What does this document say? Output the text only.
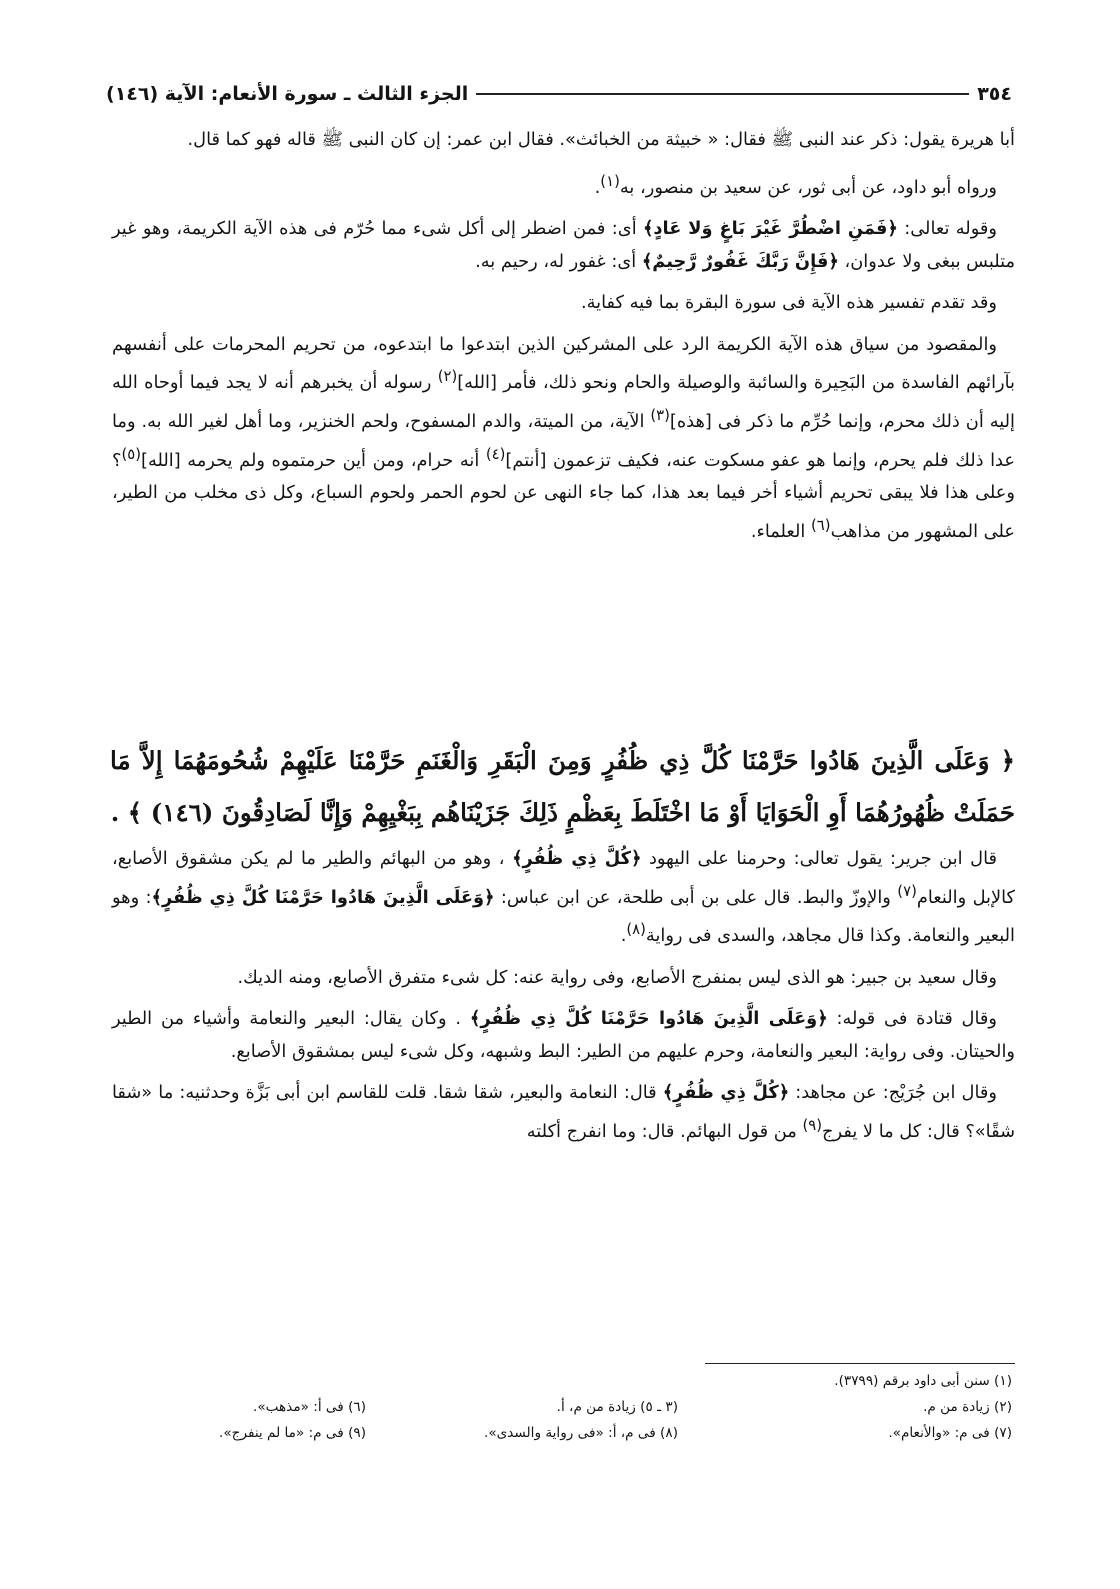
٣٥٤
الجزء الثالث ـ سورة الأنعام: الآية (١٤٦)

أبا هريرة يقول: ذكر عند النبى ﷺ فقال: « خبيثة من الخبائث». فقال ابن عمر: إن كان النبى ﷺ قاله فهو كما قال.

ورواه أبو داود، عن أبى ثور، عن سعيد بن منصور، به$^{(١)}$.

وقوله تعالى: ﴿فَمَنِ اضْطُرَّ غَيْرَ بَاغٍ وَلا عَادٍ﴾ أى: فمن اضطر إلى أكل شىء مما حُرّم فى هذه الآية الكريمة، وهو غير متلبس ببغى ولا عدوان، ﴿فَإِنَّ رَبَّكَ غَفُورٌ رَّحِيمٌ﴾ أى: غفور له، رحيم به.

وقد تقدم تفسير هذه الآية فى سورة البقرة بما فيه كفاية.

والمقصود من سياق هذه الآية الكريمة الرد على المشركين الذين ابتدعوا ما ابتدعوه، من تحريم المحرمات على أنفسهم بآرائهم الفاسدة من البَحِيرة والسائبة والوصيلة والحام ونحو ذلك، فأمر [الله]$^{(٢)}$ رسوله أن يخبرهم أنه لا يجد فيما أوحاه الله إليه أن ذلك محرم، وإنما حُرِّم ما ذكر فى [هذه]$^{(٣)}$ الآية، من الميتة، والدم المسفوح، ولحم الخنزير، وما أهل لغير الله به. وما عدا ذلك فلم يحرم، وإنما هو عفو مسكوت عنه، فكيف تزعمون [أنتم]$^{(٤)}$ أنه حرام، ومن أين حرمتموه ولم يحرمه [الله]$^{(٥)}$؟ وعلى هذا فلا يبقى تحريم أشياء أخر فيما بعد هذا، كما جاء النهى عن لحوم الحمر ولحوم السباع، وكل ذى مخلب من الطير، على المشهور من مذاهب$^{(٦)}$ العلماء.

﴿ وَعَلَى الَّذِينَ هَادُوا حَرَّمْنَا كُلَّ ذِي ظُفُرٍ وَمِنَ الْبَقَرِ وَالْغَنَمِ حَرَّمْنَا عَلَيْهِمْ شُحُومَهُمَا إِلاَّ مَا حَمَلَتْ ظُهُورُهُمَا أَوِ الْحَوَايَا أَوْ مَا اخْتَلَطَ بِعَظْمٍ ذَلِكَ جَزَيْنَاهُم بِبَغْيِهِمْ وَإِنَّا لَصَادِقُونَ (١٤٦) ﴾ .

قال ابن جرير: يقول تعالى: وحرمنا على اليهود ﴿كُلَّ ذِي ظُفُرٍ﴾ ، وهو من البهائم والطير ما لم يكن مشقوق الأصابع، كالإبل والنعام$^{(٧)}$ والإوزّ والبط. قال على بن أبى طلحة، عن ابن عباس: ﴿وَعَلَى الَّذِينَ هَادُوا حَرَّمْنَا كُلَّ ذِي ظُفُرٍ﴾: وهو البعير والنعامة. وكذا قال مجاهد، والسدى فى رواية$^{(٨)}$.

وقال سعيد بن جبير: هو الذى ليس بمنفرج الأصابع، وفى رواية عنه: كل شىء متفرق الأصابع، ومنه الديك.

وقال قتادة فى قوله: ﴿وَعَلَى الَّذِينَ هَادُوا حَرَّمْنَا كُلَّ ذِي ظُفُرٍ﴾ . وكان يقال: البعير والنعامة وأشياء من الطير والحيتان. وفى رواية: البعير والنعامة، وحرم عليهم من الطير: البط وشبهه، وكل شىء ليس بمشقوق الأصابع.

وقال ابن جُرَيْج: عن مجاهد: ﴿كُلَّ ذِي ظُفُرٍ﴾ قال: النعامة والبعير، شقا شقا. قلت للقاسم ابن أبى بَزَّة وحدثنيه: ما «شقا شقًا»؟ قال: كل ما لا يفرج$^{(٩)}$ من قول البهائم. قال: وما انفرج أكلته

(١) سنن أبى داود برقم (٣٧٩٩).
(٢) زيادة من م.
(٣ ـ ٥) زيادة من م، أ.
(٦) فى أ: «مذهب».
(٧) فى م: «والأنعام».
(٨) فى م، أ: «فى رواية والسدى».
(٩) فى م: «ما لم ينفرج».
